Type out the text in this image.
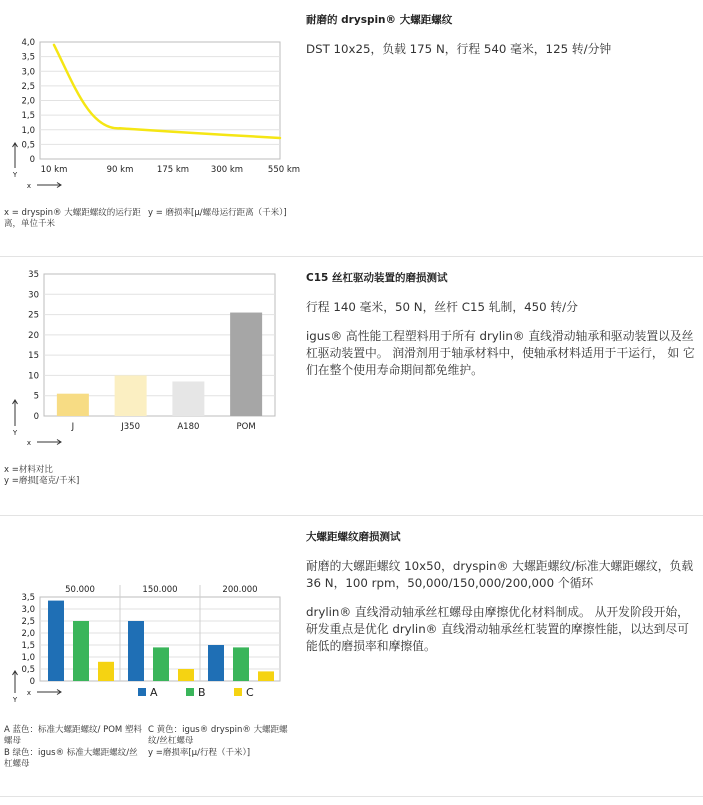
4,0
3,5
3,0
2,5
2,0
1,5
1,0
0,5
0
10 km	90 km	175 km	300 km	550 km
Y
x
x = dryspin® 大螺距螺纹的运行距离，单位千米
y = 磨损率[μ/螺母运行距离（千米）]

耐磨的 dryspin® 大螺距螺纹

DST 10x25，负载 175 N，行程 540 毫米，125 转/分钟

35
30
25
20
15
10
5
0
J	J350	A180	POM
Y
x
x =材料对比
y =磨损[毫克/千米]

C15 丝杠驱动装置的磨损测试

行程 140 毫米，50 N，丝杆 C15 轧制，450 转/分

igus® 高性能工程塑料用于所有 drylin® 直线滑动轴承和驱动装置以及丝杠驱动装置中。 润滑剂用于轴承材料中，使轴承材料适用于干运行， 如 它们在整个使用寿命期间都免维护。

3,5
3,0
2,5
2,0
1,5
1,0
0,5
0
50.000	150.000	200.000
A	B	C
Y
x
A 蓝色：标准大螺距螺纹/ POM 塑料螺母
B 绿色：igus® 标准大螺距螺纹/丝杠螺母
C 黄色：igus® dryspin® 大螺距螺纹/丝杠螺母
y =磨损率[μ/行程（千米）]

大螺距螺纹磨损测试

耐磨的大螺距螺纹 10x50，dryspin® 大螺距螺纹/标准大螺距螺纹，负载 36 N，100 rpm，50,000/150,000/200,000 个循环

drylin® 直线滑动轴承丝杠螺母由摩擦优化材料制成。 从开发阶段开始，研发重点是优化 drylin® 直线滑动轴承丝杠装置的摩擦性能，以达到尽可能低的磨损率和摩擦值。
